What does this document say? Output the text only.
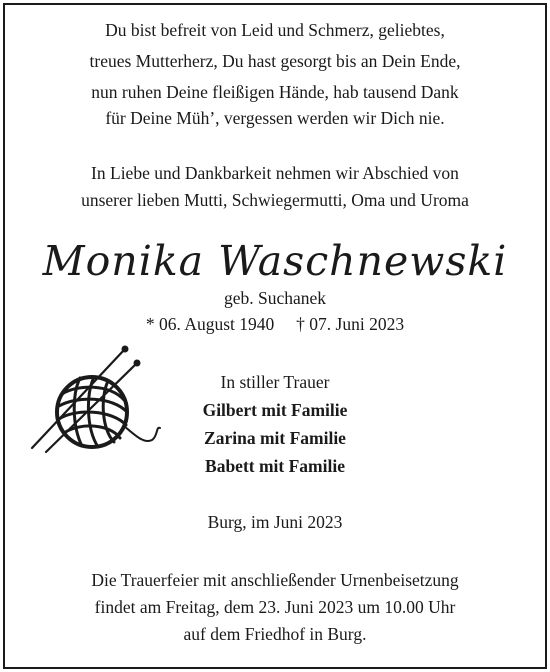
Du bist befreit von Leid und Schmerz, geliebtes,
treues Mutterherz, Du hast gesorgt bis an Dein Ende,
nun ruhen Deine fleißigen Hände, hab tausend Dank
für Deine Müh’, vergessen werden wir Dich nie.
In Liebe und Dankbarkeit nehmen wir Abschied von
unserer lieben Mutti, Schwiegermutti, Oma und Uroma
Monika Waschnewski
geb. Suchanek
* 06. August 1940     † 07. Juni 2023
In stiller Trauer
Gilbert mit Familie
Zarina mit Familie
Babett mit Familie
Burg, im Juni 2023
Die Trauerfeier mit anschließender Urnenbeisetzung
findet am Freitag, dem 23. Juni 2023 um 10.00 Uhr
auf dem Friedhof in Burg.
